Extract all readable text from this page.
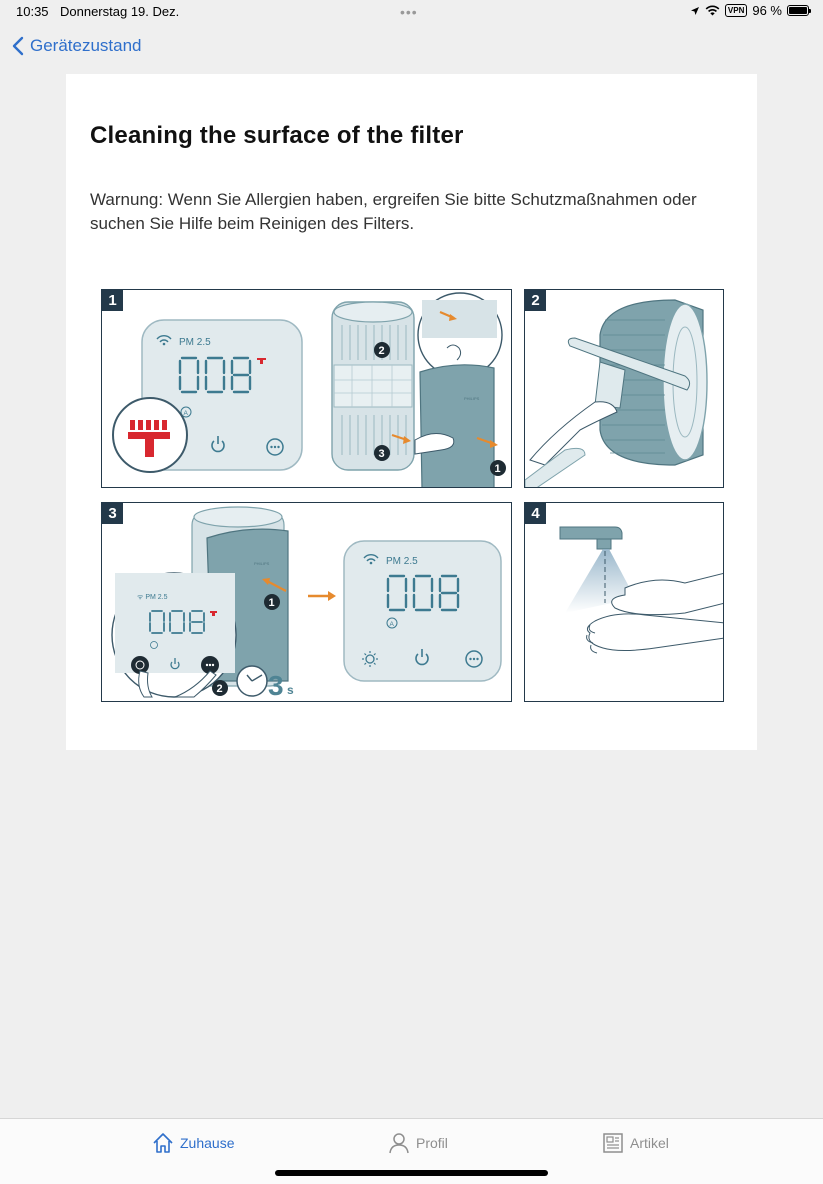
10:35 Donnerstag 19. Dez.	•••	VPN 96 %
Gerätezustand
Cleaning the surface of the filter
Warnung: Wenn Sie Allergien haben, ergreifen Sie bitte Schutzmaßnahmen oder suchen Sie Hilfe beim Reinigen des Filters.
1
PM 2.5
A
2
3
PHILIPS
1
2
3
PHILIPS
1
ᯤ PM 2.5
2 3 s
PM 2.5
A
4
Zuhause	Profil	Artikel
